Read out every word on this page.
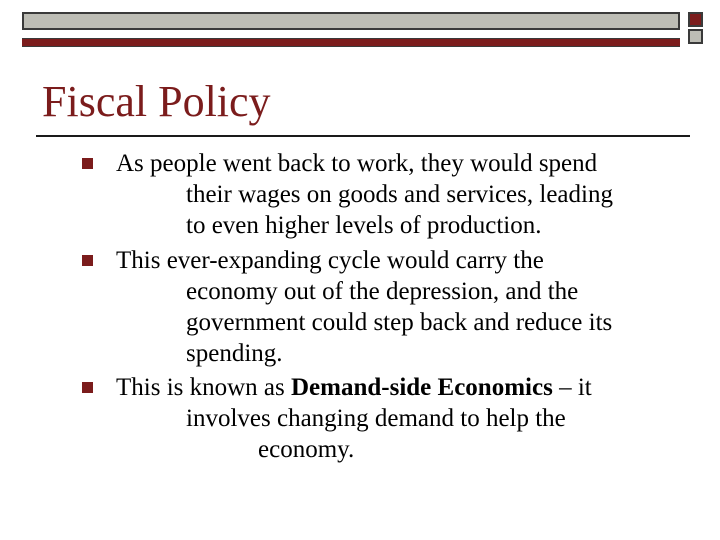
Fiscal Policy
As people went back to work, they would spend
their wages on goods and services, leading
to even higher levels of production.
This ever-expanding cycle would carry the
economy out of the depression, and the
government could step back and reduce its
spending.
This is known as Demand-side Economics – it
involves changing demand to help the
economy.
